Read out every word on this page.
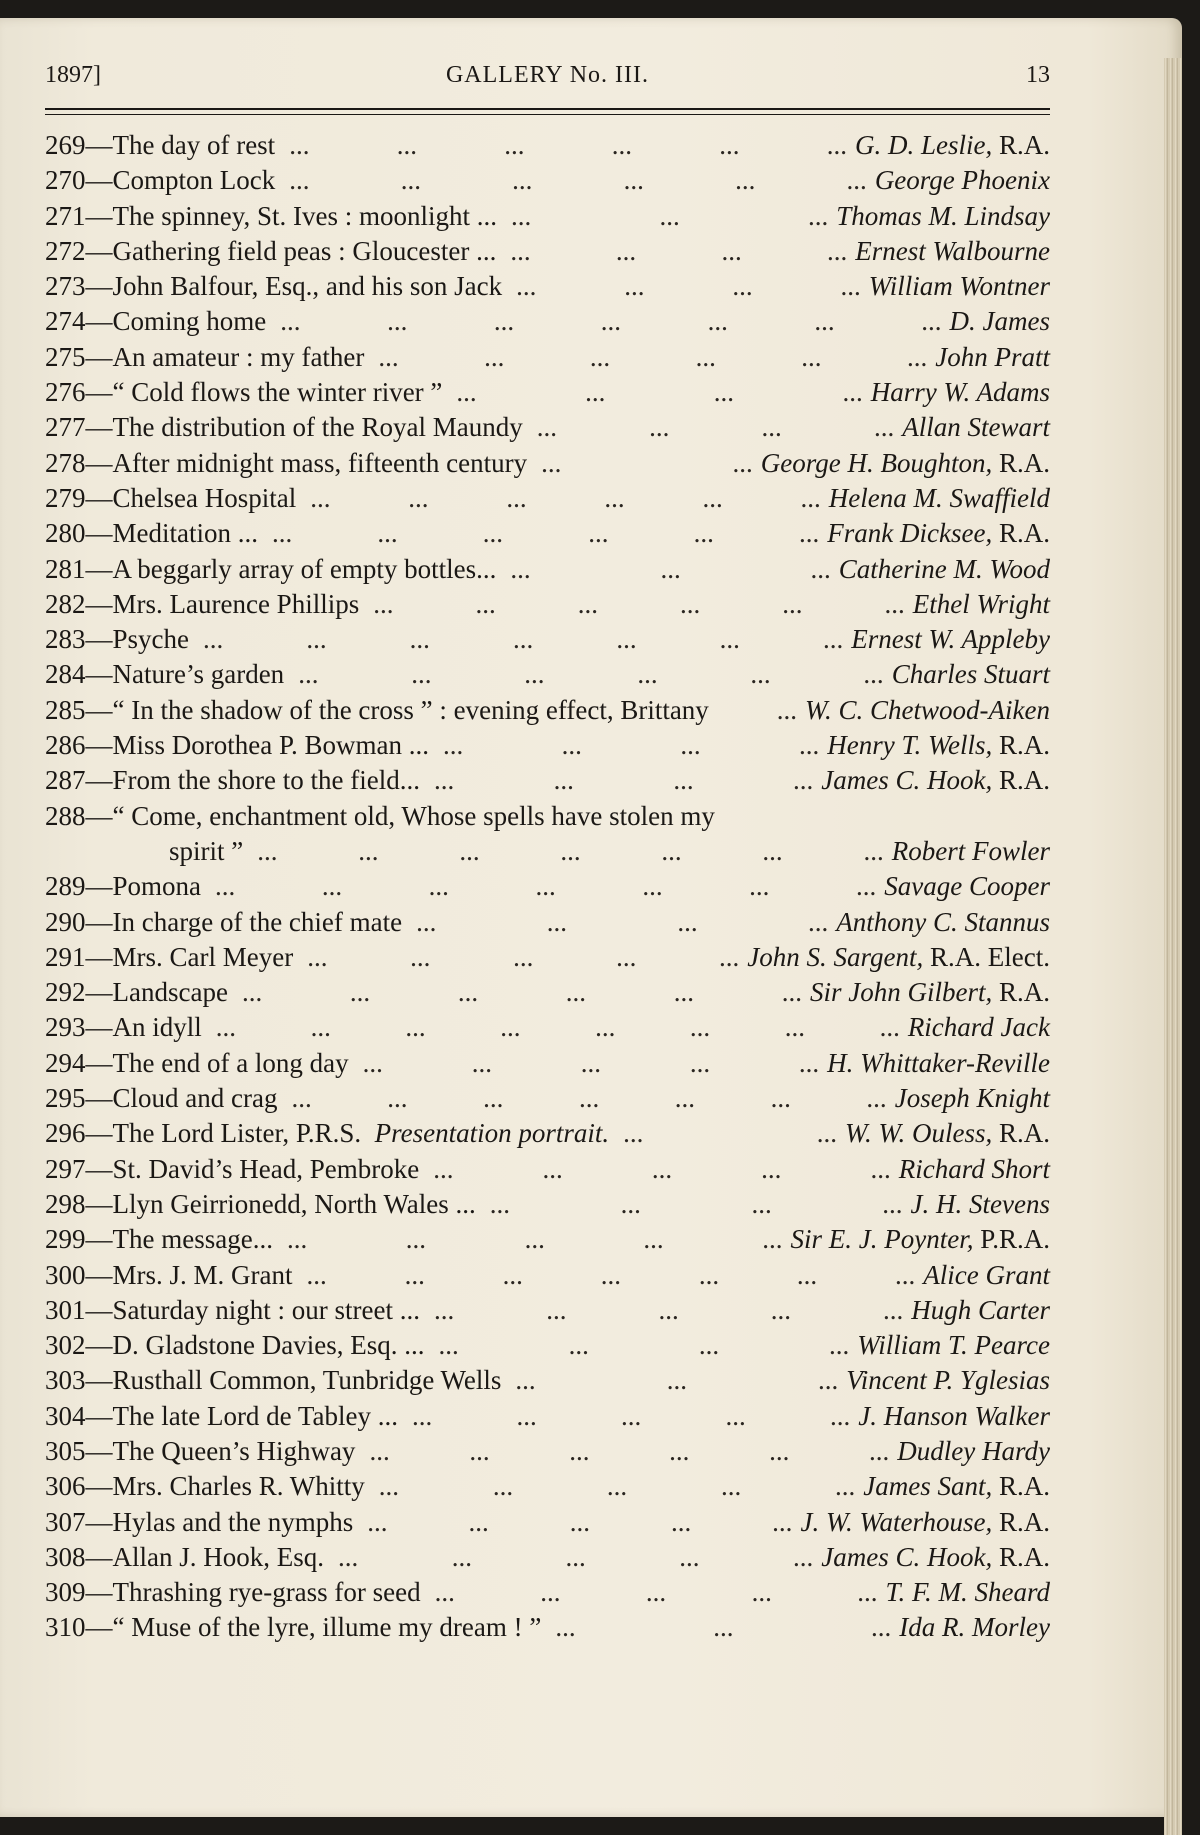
1897]	GALLERY No. III.	13
269—The day of rest ...	...	...	...	...	... G. D. Leslie, R.A.
270—Compton Lock ...	...	...	...	...	... George Phoenix
271—The spinney, St. Ives : moonlight ... ...	...	... Thomas M. Lindsay
272—Gathering field peas : Gloucester ... ...	...	...	... Ernest Walbourne
273—John Balfour, Esq., and his son Jack ...	...	...	... William Wontner
274—Coming home ...	...	...	...	...	...	... D. James
275—An amateur : my father ...	...	...	...	...	... John Pratt
276—“ Cold flows the winter river ” ...	...	...	... Harry W. Adams
277—The distribution of the Royal Maundy ...	...	...	... Allan Stewart
278—After midnight mass, fifteenth century ...	... George H. Boughton, R.A.
279—Chelsea Hospital ...	...	...	...	...	... Helena M. Swaffield
280—Meditation ... ...	...	...	...	...	... Frank Dicksee, R.A.
281—A beggarly array of empty bottles... ...	...	... Catherine M. Wood
282—Mrs. Laurence Phillips ...	...	...	...	...	... Ethel Wright
283—Psyche ...	...	...	...	...	...	... Ernest W. Appleby
284—Nature’s garden ...	...	...	...	...	... Charles Stuart
285—“ In the shadow of the cross ” : evening effect, Brittany	... W. C. Chetwood-Aiken
286—Miss Dorothea P. Bowman ... ...	...	...	... Henry T. Wells, R.A.
287—From the shore to the field... ...	...	...	... James C. Hook, R.A.
288—“ Come, enchantment old, Whose spells have stolen my
spirit ” ...	...	...	...	...	...	... Robert Fowler
289—Pomona ...	...	...	...	...	...	... Savage Cooper
290—In charge of the chief mate ...	...	...	... Anthony C. Stannus
291—Mrs. Carl Meyer ...	...	...	...	... John S. Sargent, R.A. Elect.
292—Landscape ...	...	...	...	...	... Sir John Gilbert, R.A.
293—An idyll ...	...	...	...	...	...	...	... Richard Jack
294—The end of a long day ...	...	...	...	... H. Whittaker-Reville
295—Cloud and crag ...	...	...	...	...	...	... Joseph Knight
296—The Lord Lister, P.R.S. Presentation portrait. ...	... W. W. Ouless, R.A.
297—St. David’s Head, Pembroke ...	...	...	...	... Richard Short
298—Llyn Geirrionedd, North Wales ... ...	...	...	... J. H. Stevens
299—The message... ...	...	...	...	... Sir E. J. Poynter, P.R.A.
300—Mrs. J. M. Grant ...	...	...	...	...	...	... Alice Grant
301—Saturday night : our street ... ...	...	...	...	... Hugh Carter
302—D. Gladstone Davies, Esq. ... ...	...	...	... William T. Pearce
303—Rusthall Common, Tunbridge Wells ...	...	... Vincent P. Yglesias
304—The late Lord de Tabley ... ...	...	...	...	... J. Hanson Walker
305—The Queen’s Highway ...	...	...	...	...	... Dudley Hardy
306—Mrs. Charles R. Whitty ...	...	...	...	... James Sant, R.A.
307—Hylas and the nymphs ...	...	...	...	... J. W. Waterhouse, R.A.
308—Allan J. Hook, Esq. ...	...	...	...	... James C. Hook, R.A.
309—Thrashing rye-grass for seed ...	...	...	...	... T. F. M. Sheard
310—“ Muse of the lyre, illume my dream ! ” ...	...	... Ida R. Morley
